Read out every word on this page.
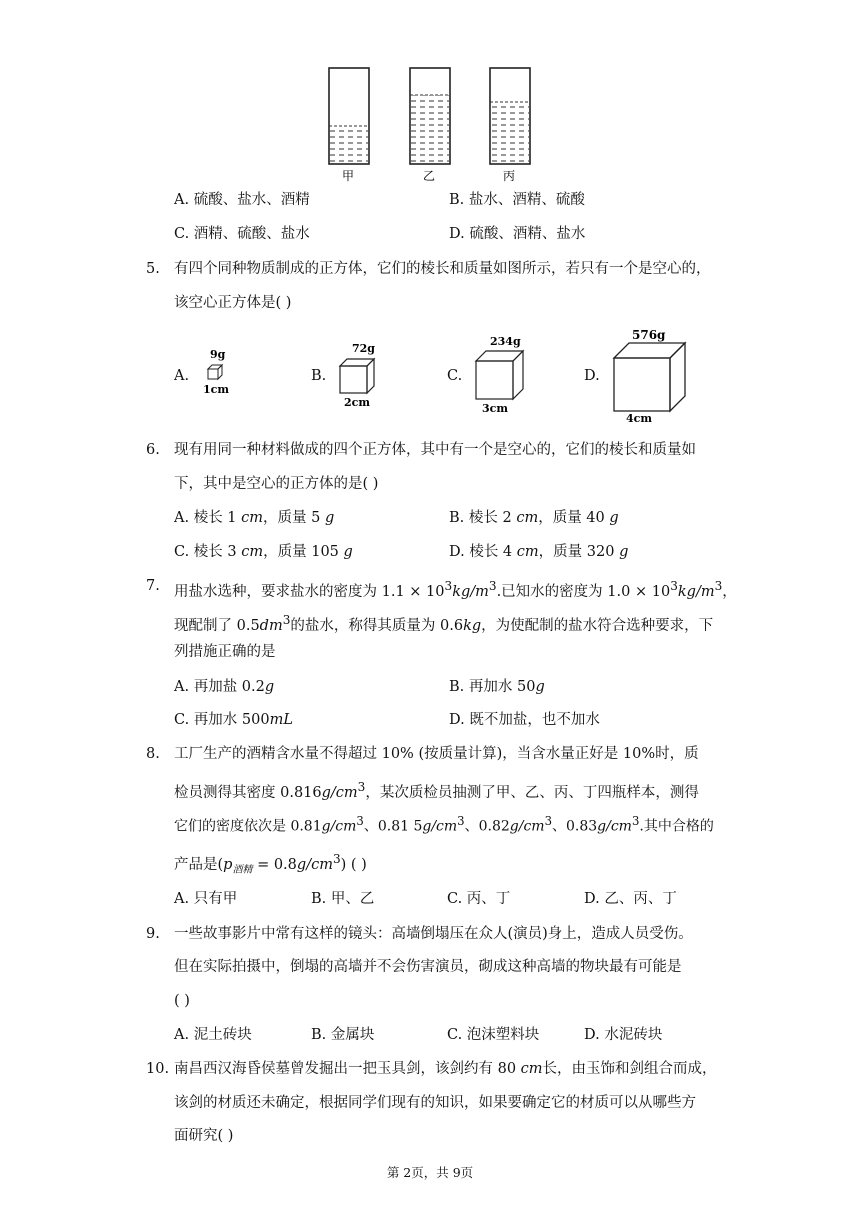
甲	乙	丙
A. 硫酸、盐水、酒精	B. 盐水、酒精、硫酸
C. 酒精、硫酸、盐水	D. 硫酸、酒精、盐水
5. 有四个同种物质制成的正方体，它们的棱长和质量如图所示，若只有一个是空心的，
该空心正方体是( )
A.
9g
1cm
B.
72g
2cm
C.
234g
3cm
D.
576g
4cm
6. 现有用同一种材料做成的四个正方体，其中有一个是空心的，它们的棱长和质量如
下，其中是空心的正方体的是( )
A. 棱长 1 cm，质量 5 g	B. 棱长 2 cm，质量 40 g
C. 棱长 3 cm，质量 105 g	D. 棱长 4 cm，质量 320 g
7. 用盐水选种，要求盐水的密度为 $1.1 \times 10^3kg/m^3$.已知水的密度为 $1.0 \times 10^3kg/m^3$，
现配制了 $0.5dm^3$的盐水，称得其质量为 0.6kg，为使配制的盐水符合选种要求，下
列措施正确的是
A. 再加盐 0.2g	B. 再加水 50g
C. 再加水 500mL	D. 既不加盐，也不加水
8. 工厂生产的酒精含水量不得超过 10% (按质量计算)，当含水量正好是 10%时，质
检员测得其密度 $0.816g/cm^3$，某次质检员抽测了甲、乙、丙、丁四瓶样本，测得
它们的密度依次是 $0.81g/cm^3$、0.81 $5g/cm^3$、$0.82g/cm^3$、$0.83g/cm^3$.其中合格的
产品是$(p_{酒精} = 0.8g/cm^3)$ ( )
A. 只有甲	B. 甲、乙	C. 丙、丁	D. 乙、丙、丁
9. 一些故事影片中常有这样的镜头：高墙倒塌压在众人(演员)身上，造成人员受伤。
但在实际拍摄中，倒塌的高墙并不会伤害演员，砌成这种高墙的物块最有可能是
( )
A. 泥土砖块	B. 金属块	C. 泡沫塑料块	D. 水泥砖块
10. 南昌西汉海昏侯墓曾发掘出一把玉具剑，该剑约有 80 cm长，由玉饰和剑组合而成，
该剑的材质还未确定，根据同学们现有的知识，如果要确定它的材质可以从哪些方
面研究( )
第 2页，共 9页
